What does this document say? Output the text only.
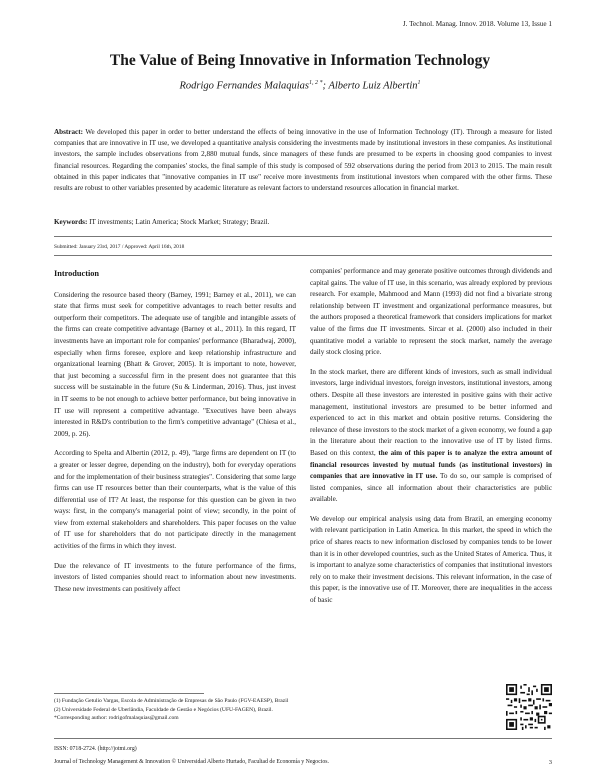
J. Technol. Manag. Innov. 2018. Volume 13, Issue 1
The Value of Being Innovative in Information Technology
Rodrigo Fernandes Malaquias$^{1, 2 *}$; Alberto Luiz Albertin$^1$
Abstract: We developed this paper in order to better understand the effects of being innovative in the use of Information Technology (IT). Through a measure for listed companies that are innovative in IT use, we developed a quantitative analysis considering the investments made by institutional investors in these companies. As institutional investors, the sample includes observations from 2,880 mutual funds, since managers of these funds are presumed to be experts in choosing good companies to invest financial resources. Regarding the companies' stocks, the final sample of this study is composed of 592 observations during the period from 2013 to 2015. The main result obtained in this paper indicates that "innovative companies in IT use" receive more investments from institutional investors when compared with the other firms. These results are robust to other variables presented by academic literature as relevant factors to understand resources allocation in financial market.
Keywords: IT investments; Latin America; Stock Market; Strategy; Brazil.
Submitted: January 23rd, 2017 / Approved: April 16th, 2018

Introduction

Considering the resource based theory (Barney, 1991; Barney et al., 2011), we can state that firms must seek for competitive advantages to reach better results and outperform their competitors. The adequate use of tangible and intangible assets of the firms can create competitive advantage (Barney et al., 2011). In this regard, IT investments have an important role for companies' performance (Bharadwaj, 2000), especially when firms foresee, explore and keep relationship infrastructure and organizational learning (Bhatt & Grover, 2005). It is important to note, however, that just becoming a successful firm in the present does not guarantee that this success will be sustainable in the future (Su & Linderman, 2016). Thus, just invest in IT seems to be not enough to achieve better performance, but being innovative in IT use will represent a competitive advantage. "Executives have been always interested in R&D's contribution to the firm's competitive advantage" (Chiesa et al., 2009, p. 26).

According to Spelta and Albertin (2012, p. 49), "large firms are dependent on IT (to a greater or lesser degree, depending on the industry), both for everyday operations and for the implementation of their business strategies". Considering that some large firms can use IT resources better than their counterparts, what is the value of this differential use of IT? At least, the response for this question can be given in two ways: first, in the company's managerial point of view; secondly, in the point of view from external stakeholders and shareholders. This paper focuses on the value of IT use for shareholders that do not participate directly in the management activities of the firms in which they invest.

Due the relevance of IT investments to the future performance of the firms, investors of listed companies should react to information about new investments. These new investments can positively affect

companies' performance and may generate positive outcomes through dividends and capital gains. The value of IT use, in this scenario, was already explored by previous research. For example, Mahmood and Mann (1993) did not find a bivariate strong relationship between IT investment and organizational performance measures, but the authors proposed a theoretical framework that considers implications for market value of the firms due IT investments. Sircar et al. (2000) also included in their quantitative model a variable to represent the stock market, namely the average daily stock closing price.

In the stock market, there are different kinds of investors, such as small individual investors, large individual investors, foreign investors, institutional investors, among others. Despite all these investors are interested in positive gains with their active management, institutional investors are presumed to be better informed and experienced to act in this market and obtain positive returns. Considering the relevance of these investors to the stock market of a given economy, we found a gap in the literature about their reaction to the innovative use of IT by listed firms. Based on this context, the aim of this paper is to analyze the extra amount of financial resources invested by mutual funds (as institutional investors) in companies that are innovative in IT use. To do so, our sample is comprised of listed companies, since all information about their characteristics are public available.

We develop our empirical analysis using data from Brazil, an emerging economy with relevant participation in Latin America. In this market, the speed in which the price of shares reacts to new information disclosed by companies tends to be lower than it is in other developed countries, such as the United States of America. Thus, it is important to analyze some characteristics of companies that institutional investors rely on to make their investment decisions. This relevant information, in the case of this paper, is the innovative use of IT. Moreover, there are inequalities in the access of basic

(1) Fundação Getulio Vargas, Escola de Administração de Empresas de São Paulo (FGV-EAESP), Brazil
(2) Universidade Federal de Uberlândia, Faculdade de Gestão e Negócios (UFU-FAGEN), Brazil.
*Corresponding author: rodrigofmalaquias@gmail.com
ISSN: 0718-2724. (http://jotmi.org)
Journal of Technology Management & Innovation © Universidad Alberto Hurtado, Facultad de Economía y Negocios.	3
